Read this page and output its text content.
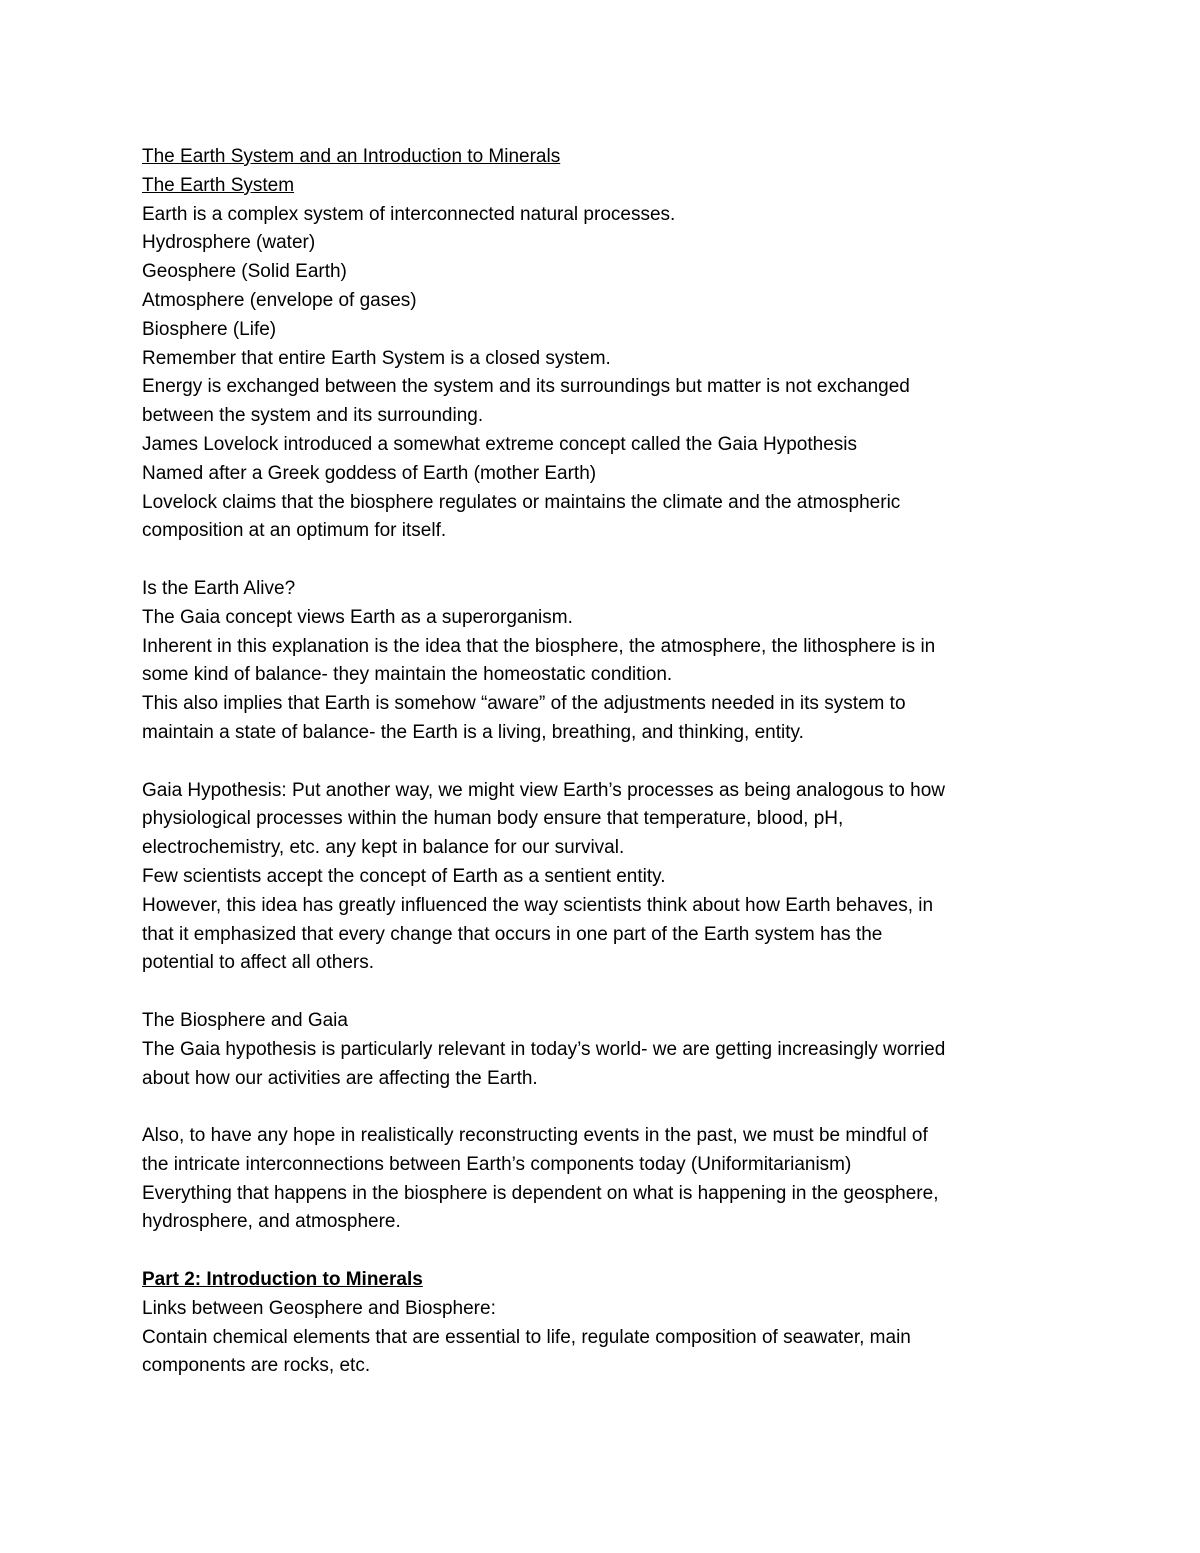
The Earth System and an Introduction to Minerals
The Earth System
Earth is a complex system of interconnected natural processes.
Hydrosphere (water)
Geosphere (Solid Earth)
Atmosphere (envelope of gases)
Biosphere (Life)
Remember that entire Earth System is a closed system.
Energy is exchanged between the system and its surroundings but matter is not exchanged
between the system and its surrounding.
James Lovelock introduced a somewhat extreme concept called the Gaia Hypothesis
Named after a Greek goddess of Earth (mother Earth)
Lovelock claims that the biosphere regulates or maintains the climate and the atmospheric
composition at an optimum for itself.
Is the Earth Alive?
The Gaia concept views Earth as a superorganism.
Inherent in this explanation is the idea that the biosphere, the atmosphere, the lithosphere is in
some kind of balance- they maintain the homeostatic condition.
This also implies that Earth is somehow “aware” of the adjustments needed in its system to
maintain a state of balance- the Earth is a living, breathing, and thinking, entity.
Gaia Hypothesis: Put another way, we might view Earth’s processes as being analogous to how
physiological processes within the human body ensure that temperature, blood, pH,
electrochemistry, etc. any kept in balance for our survival.
Few scientists accept the concept of Earth as a sentient entity.
However, this idea has greatly influenced the way scientists think about how Earth behaves, in
that it emphasized that every change that occurs in one part of the Earth system has the
potential to affect all others.
The Biosphere and Gaia
The Gaia hypothesis is particularly relevant in today’s world- we are getting increasingly worried
about how our activities are affecting the Earth.
Also, to have any hope in realistically reconstructing events in the past, we must be mindful of
the intricate interconnections between Earth’s components today (Uniformitarianism)
Everything that happens in the biosphere is dependent on what is happening in the geosphere,
hydrosphere, and atmosphere.
Part 2: Introduction to Minerals
Links between Geosphere and Biosphere:
Contain chemical elements that are essential to life, regulate composition of seawater, main
components are rocks, etc.
